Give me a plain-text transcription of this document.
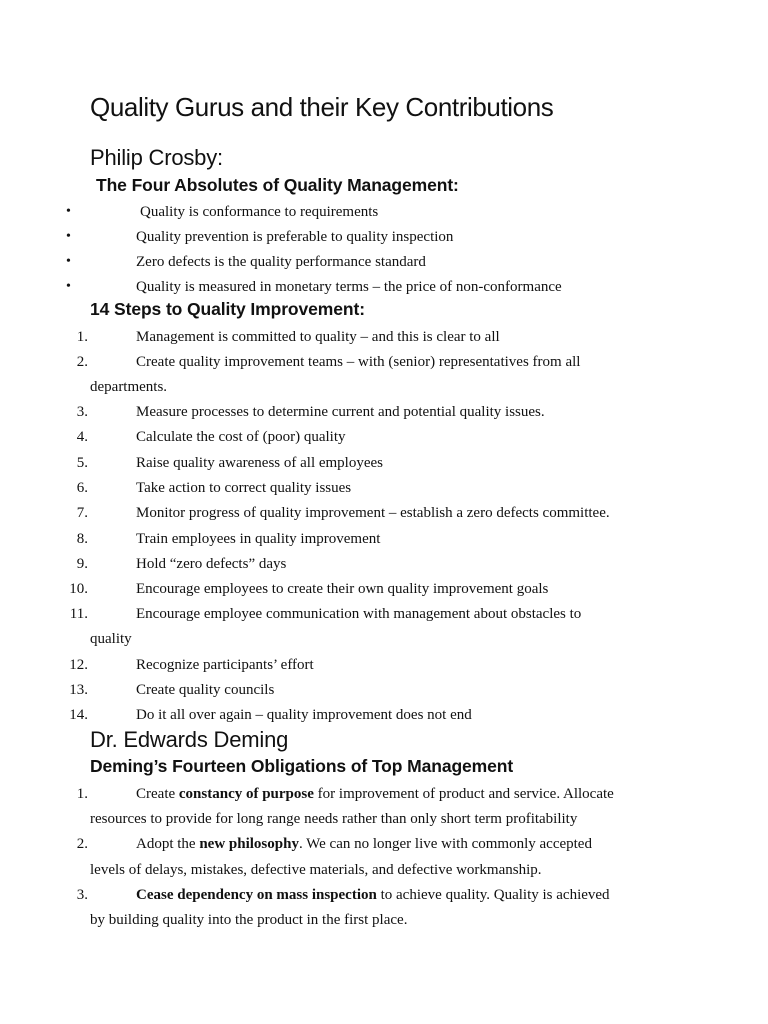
Quality Gurus and their Key Contributions
Philip Crosby:
The Four Absolutes of Quality Management:
•	Quality is conformance to requirements
•	Quality prevention is preferable to quality inspection
•	Zero defects is the quality performance standard
•	Quality is measured in monetary terms – the price of non-conformance
14 Steps to Quality Improvement:
1.	Management is committed to quality – and this is clear to all
2.	Create quality improvement teams – with (senior) representatives from all
departments.
3.	Measure processes to determine current and potential quality issues.
4.	Calculate the cost of (poor) quality
5.	Raise quality awareness of all employees
6.	Take action to correct quality issues
7.	Monitor progress of quality improvement – establish a zero defects committee.
8.	Train employees in quality improvement
9.	Hold “zero defects” days
10.	Encourage employees to create their own quality improvement goals
11.	Encourage employee communication with management about obstacles to
quality
12.	Recognize participants’ effort
13.	Create quality councils
14.	Do it all over again – quality improvement does not end
Dr. Edwards Deming
Deming’s Fourteen Obligations of Top Management
1.	Create constancy of purpose for improvement of product and service. Allocate
resources to provide for long range needs rather than only short term profitability
2.	Adopt the new philosophy. We can no longer live with commonly accepted
levels of delays, mistakes, defective materials, and defective workmanship.
3.	Cease dependency on mass inspection to achieve quality. Quality is achieved
by building quality into the product in the first place.
